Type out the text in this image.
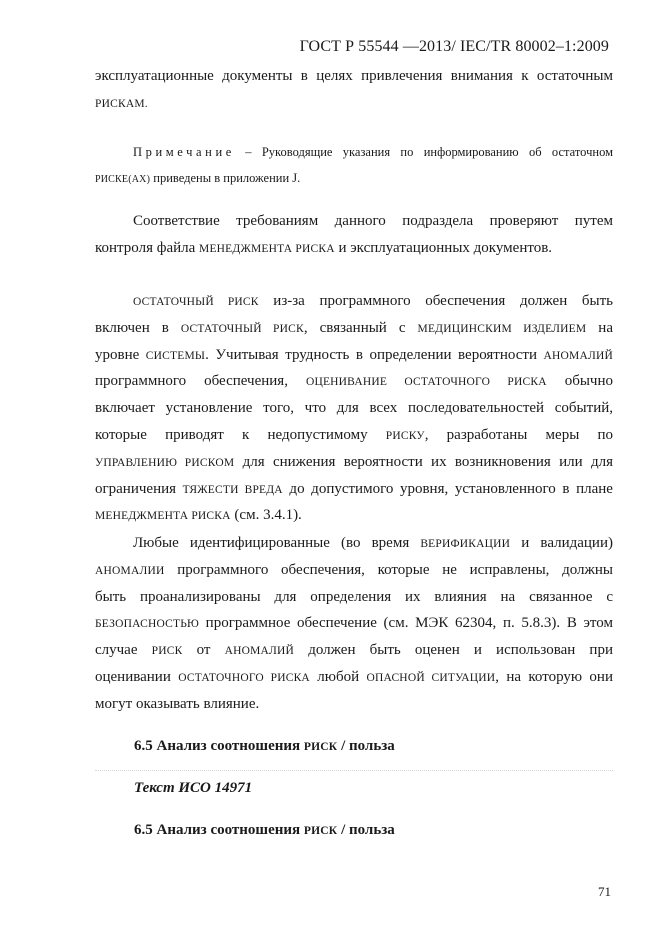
ГОСТ Р 55544 —2013/ IEC/TR 80002–1:2009
эксплуатационные документы в целях привлечения внимания к остаточным
РИСКАМ.
Примечание – Руководящие указания по информированию об остаточном
РИСКЕ(АХ) приведены в приложении J.
Соответствие требованиям данного подраздела проверяют путем
контроля файла МЕНЕДЖМЕНТА РИСКА и эксплуатационных документов.
ОСТАТОЧНЫЙ РИСК из-за программного обеспечения должен быть
включен в ОСТАТОЧНЫЙ РИСК, связанный с МЕДИЦИНСКИМ ИЗДЕЛИЕМ на
уровне СИСТЕМЫ. Учитывая трудность в определении вероятности АНОМАЛИЙ
программного обеспечения, ОЦЕНИВАНИЕ ОСТАТОЧНОГО РИСКА обычно
включает установление того, что для всех последовательностей событий,
которые приводят к недопустимому РИСКУ, разработаны меры по
УПРАВЛЕНИЮ РИСКОМ для снижения вероятности их возникновения или для
ограничения ТЯЖЕСТИ ВРЕДА до допустимого уровня, установленного в плане
МЕНЕДЖМЕНТА РИСКА (см. 3.4.1).
Любые идентифицированные (во время ВЕРИФИКАЦИИ и валидации)
АНОМАЛИИ программного обеспечения, которые не исправлены, должны
быть проанализированы для определения их влияния на связанное с
БЕЗОПАСНОСТЬЮ программное обеспечение (см. МЭК 62304, п. 5.8.3). В этом
случае РИСК от АНОМАЛИЙ должен быть оценен и использован при
оценивании ОСТАТОЧНОГО РИСКА любой ОПАСНОЙ СИТУАЦИИ, на которую они
могут оказывать влияние.
6.5 Анализ соотношения РИСК / польза
Текст ИСО 14971
6.5 Анализ соотношения РИСК / польза
71
